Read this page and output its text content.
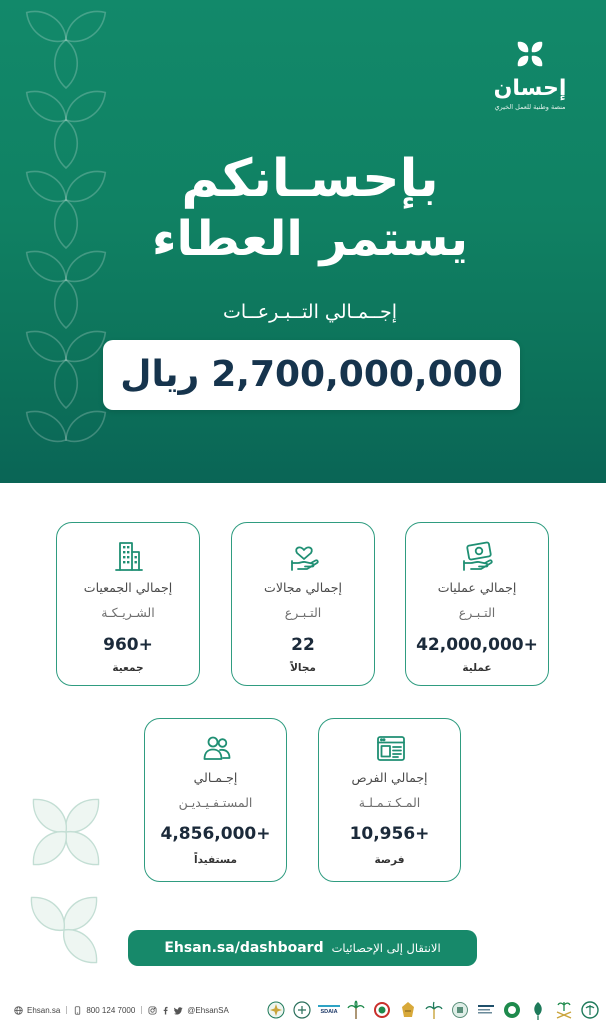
إحسان
منصة وطنية للعمل الخيري
بإحسـانكم
يستمر العطاء
إجــمـالي التــبـرعــات
ريال 2,700,000,000
إجمالي عمليات
التـبـرع
42,000,000+
عملية
إجمالي مجالات
التـبـرع
22
مجالاً
إجمالي الجمعيات
الشـريـكـة
960+
جمعية
إجمالي الفرص
المـكـتـمـلـة
10,956+
فرصة
إجـمـالي
المستـفـيـديـن
4,856,000+
مستفيداً
Ehsan.sa/dashboard الانتقال إلى الإحصائيات
Ehsan.sa	800 124 7000	@EhsanSA	SDAIA
